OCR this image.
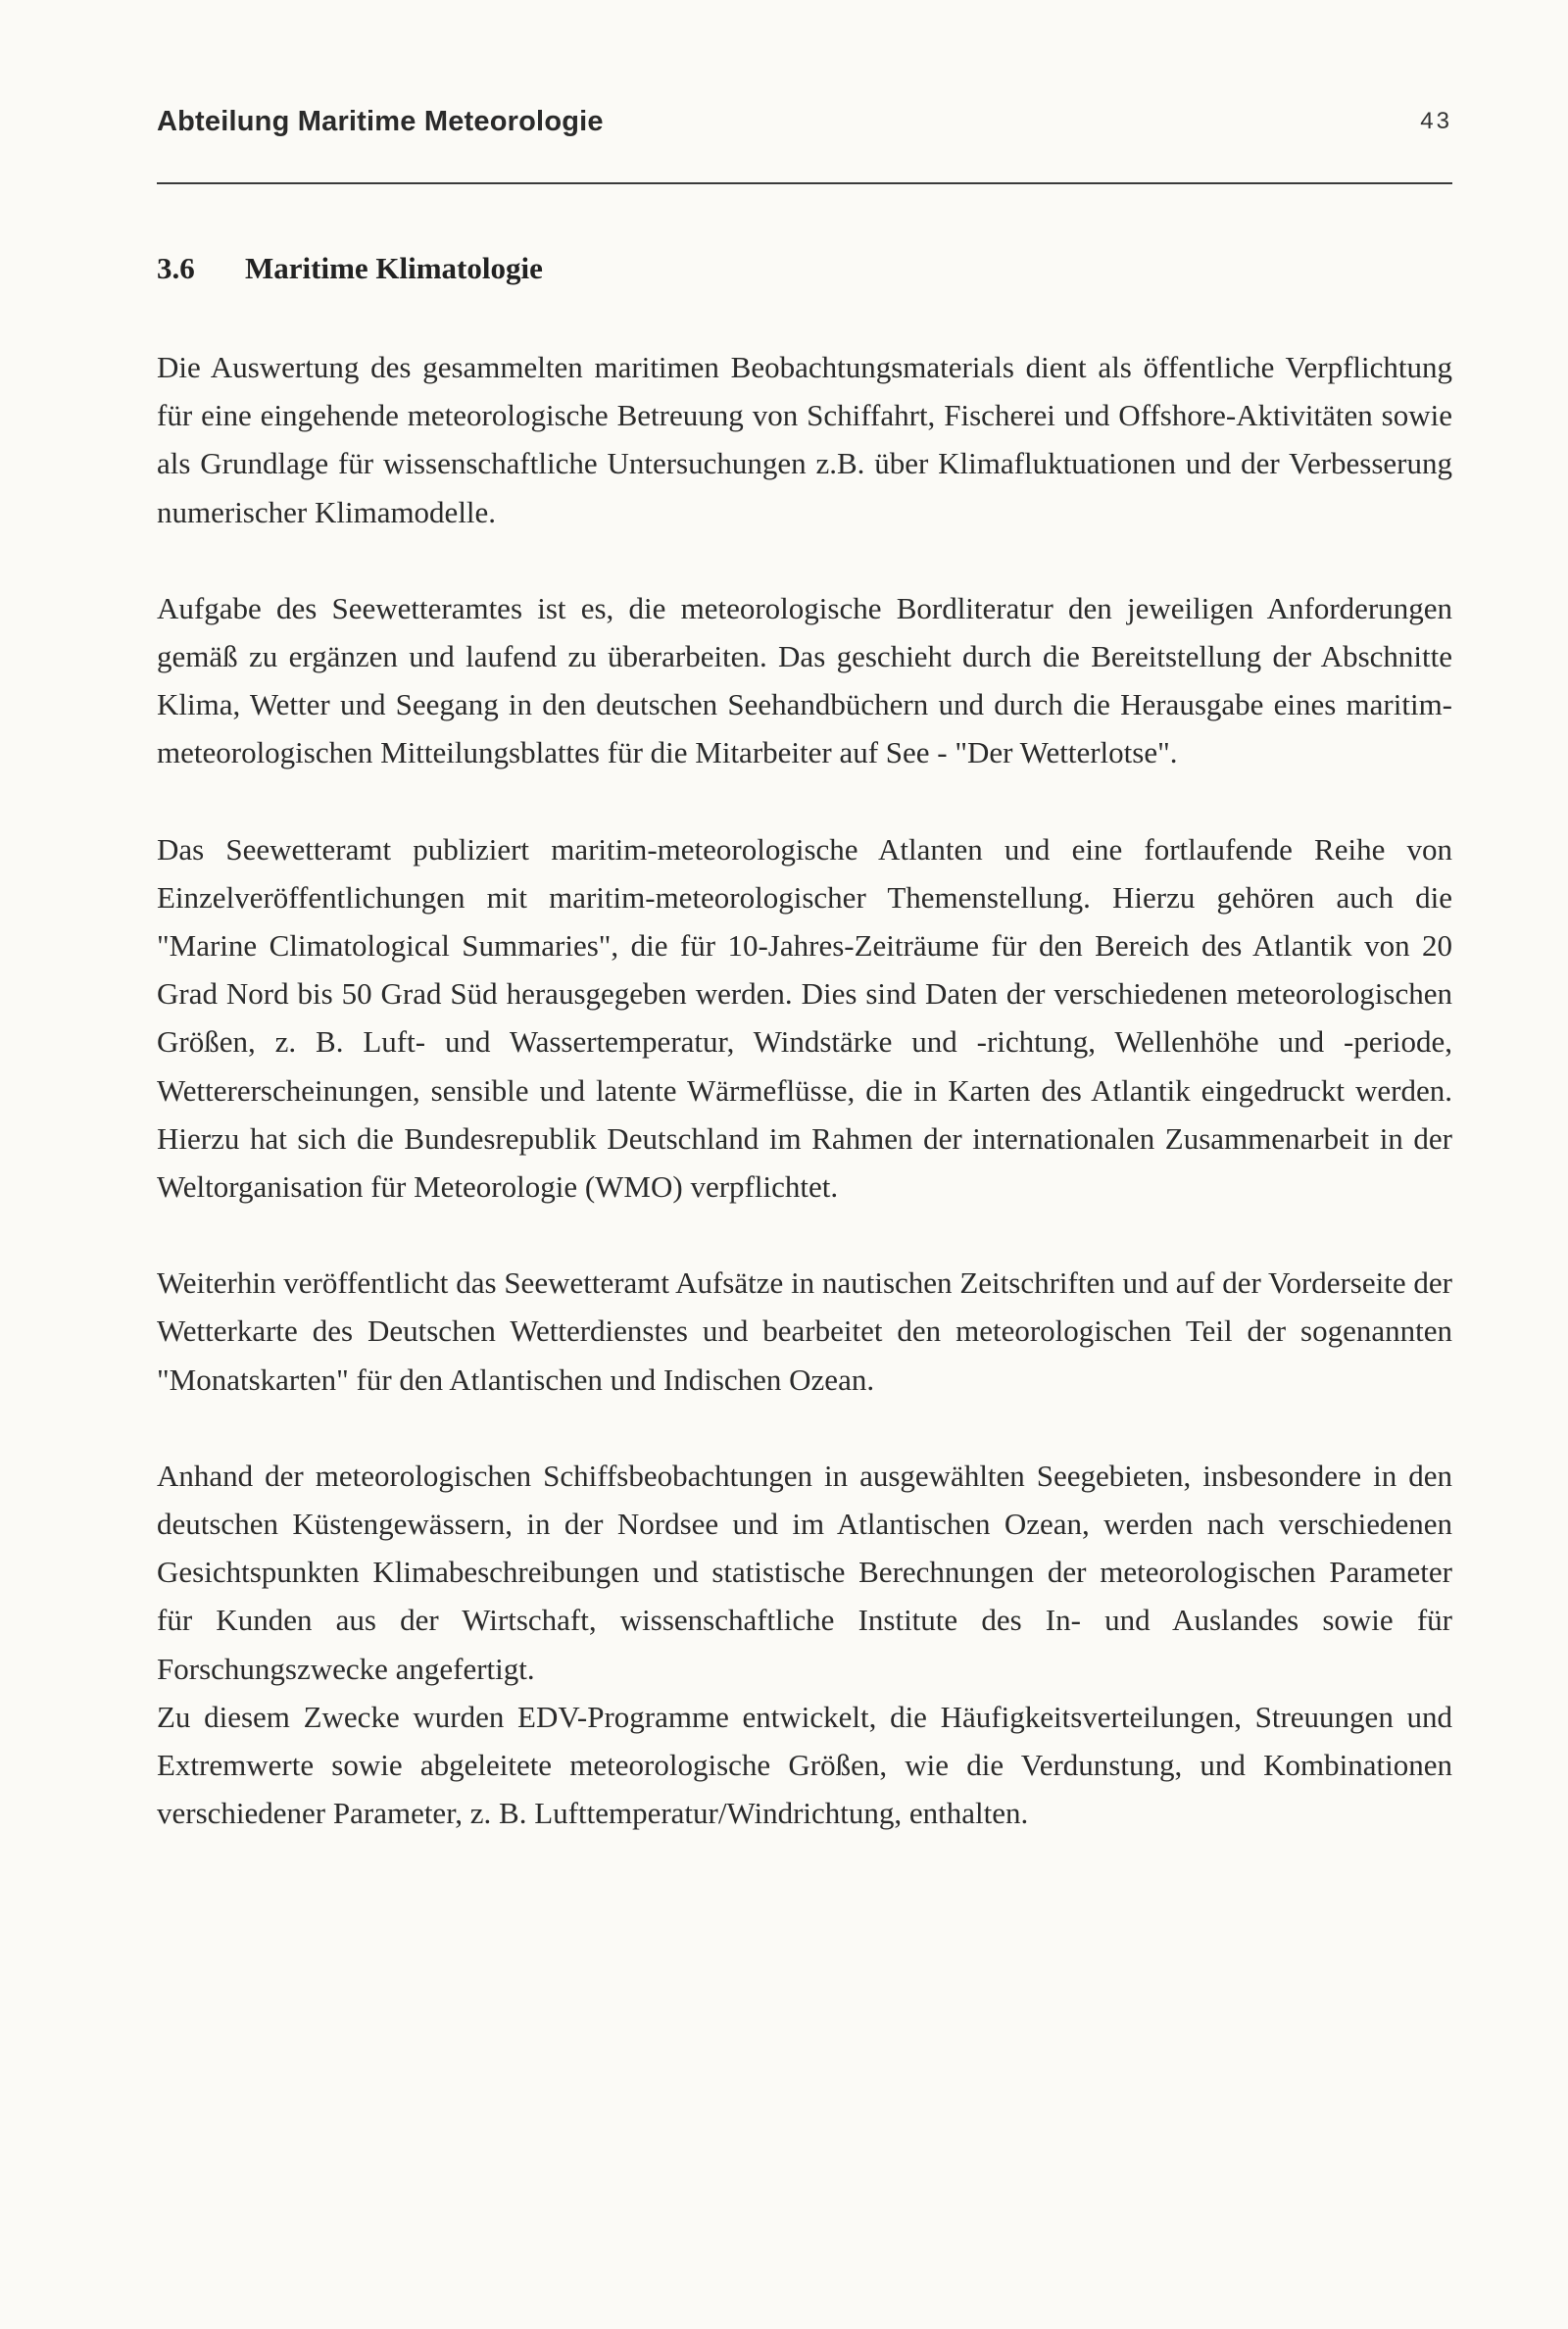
Abteilung Maritime Meteorologie	43
3.6 Maritime Klimatologie

Die Auswertung des gesammelten maritimen Beobachtungsmaterials dient als öffentliche Verpflichtung für eine eingehende meteorologische Betreuung von Schiffahrt, Fischerei und Offshore-Aktivitäten sowie als Grundlage für wissenschaftliche Untersuchungen z.B. über Klimafluktuationen und der Verbesserung numerischer Klimamodelle.

Aufgabe des Seewetteramtes ist es, die meteorologische Bordliteratur den jeweiligen Anforderungen gemäß zu ergänzen und laufend zu überarbeiten. Das geschieht durch die Bereitstellung der Abschnitte Klima, Wetter und Seegang in den deutschen Seehandbüchern und durch die Herausgabe eines maritim-meteorologischen Mitteilungsblattes für die Mitarbeiter auf See - "Der Wetterlotse".

Das Seewetteramt publiziert maritim-meteorologische Atlanten und eine fortlaufende Reihe von Einzelveröffentlichungen mit maritim-meteorologischer Themenstellung. Hierzu gehören auch die "Marine Climatological Summaries", die für 10-Jahres-Zeiträume für den Bereich des Atlantik von 20 Grad Nord bis 50 Grad Süd herausgegeben werden. Dies sind Daten der verschiedenen meteorologischen Größen, z. B. Luft- und Wassertemperatur, Windstärke und -richtung, Wellenhöhe und -periode, Wettererscheinungen, sensible und latente Wärmeflüsse, die in Karten des Atlantik eingedruckt werden. Hierzu hat sich die Bundesrepublik Deutschland im Rahmen der internationalen Zusammenarbeit in der Weltorganisation für Meteorologie (WMO) verpflichtet.

Weiterhin veröffentlicht das Seewetteramt Aufsätze in nautischen Zeitschriften und auf der Vorderseite der Wetterkarte des Deutschen Wetterdienstes und bearbeitet den meteorologischen Teil der sogenannten "Monatskarten" für den Atlantischen und Indischen Ozean.

Anhand der meteorologischen Schiffsbeobachtungen in ausgewählten Seegebieten, insbesondere in den deutschen Küstengewässern, in der Nordsee und im Atlantischen Ozean, werden nach verschiedenen Gesichtspunkten Klimabeschreibungen und statistische Berechnungen der meteorologischen Parameter für Kunden aus der Wirtschaft, wissenschaftliche Institute des In- und Auslandes sowie für Forschungszwecke angefertigt.

Zu diesem Zwecke wurden EDV-Programme entwickelt, die Häufigkeitsverteilungen, Streuungen und Extremwerte sowie abgeleitete meteorologische Größen, wie die Verdunstung, und Kombinationen verschiedener Parameter, z. B. Lufttemperatur/Windrichtung, enthalten.
